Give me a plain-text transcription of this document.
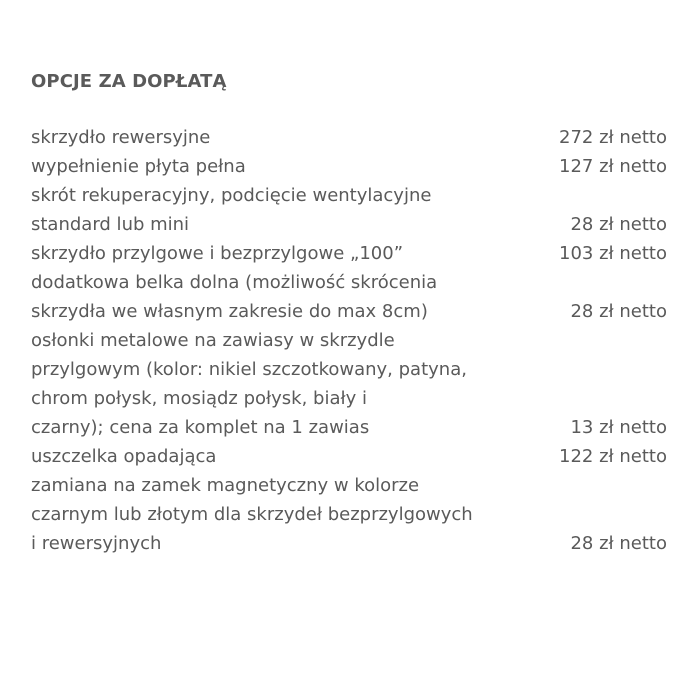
OPCJE ZA DOPŁATĄ
skrzydło rewersyjne	272 zł netto
wypełnienie płyta pełna	127 zł netto
skrót rekuperacyjny, podcięcie wentylacyjne
standard lub mini	28 zł netto
skrzydło przylgowe i bezprzylgowe „100”	103 zł netto
dodatkowa belka dolna (możliwość skrócenia
skrzydła we własnym zakresie do max 8cm)	28 zł netto
osłonki metalowe na zawiasy w skrzydle
przylgowym (kolor: nikiel szczotkowany, patyna,
chrom połysk, mosiądz połysk, biały i
czarny); cena za komplet na 1 zawias	13 zł netto
uszczelka opadająca	122 zł netto
zamiana na zamek magnetyczny w kolorze
czarnym lub złotym dla skrzydeł bezprzylgowych
i rewersyjnych	28 zł netto
